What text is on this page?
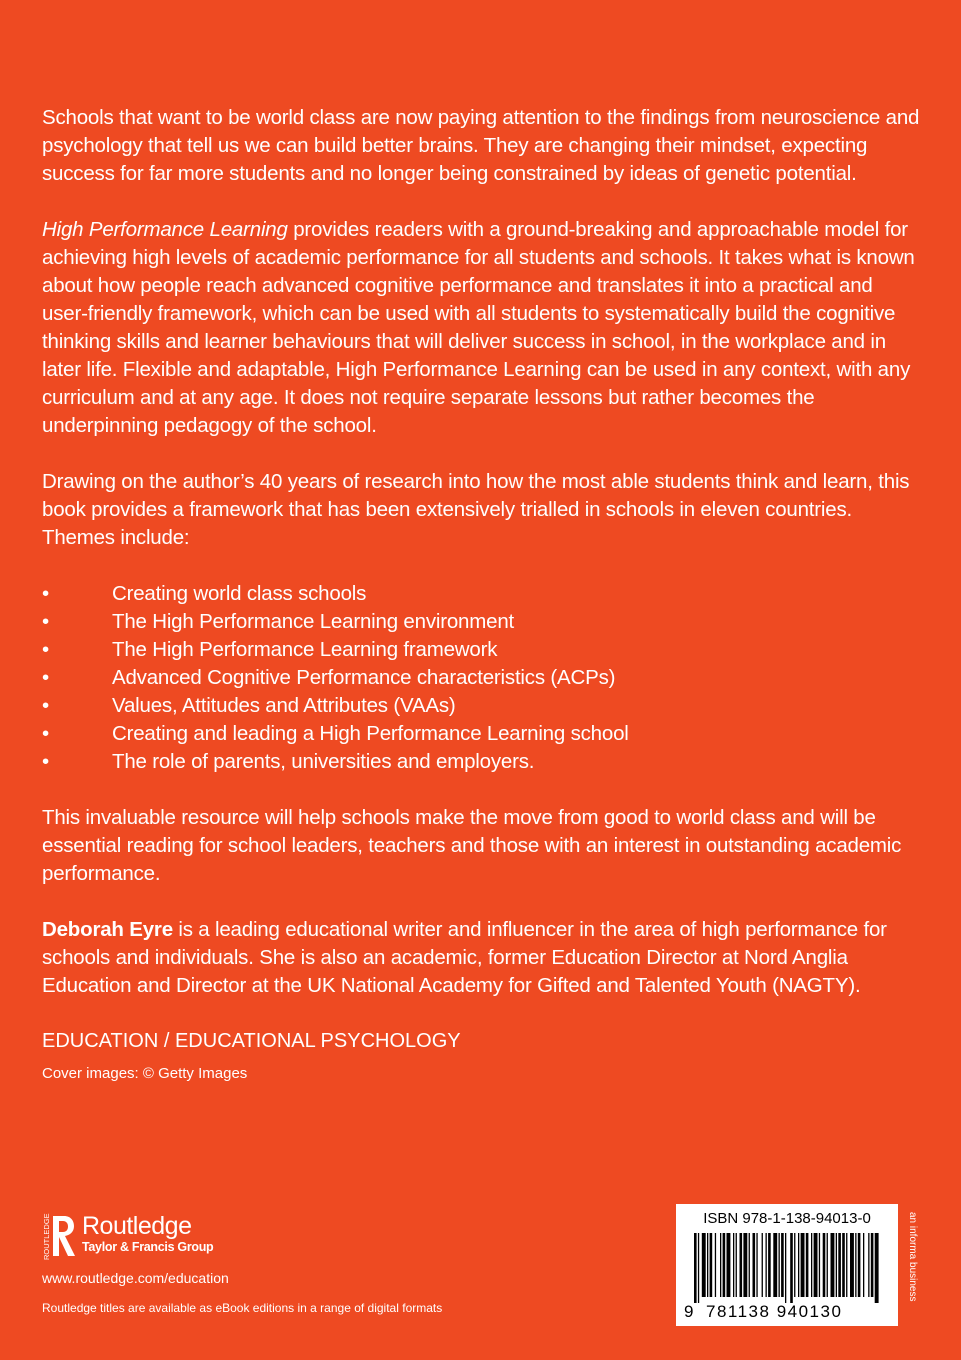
Schools that want to be world class are now paying attention to the findings from neuroscience and psychology that tell us we can build better brains. They are changing their mindset, expecting success for far more students and no longer being constrained by ideas of genetic potential.

High Performance Learning provides readers with a ground-breaking and approachable model for achieving high levels of academic performance for all students and schools. It takes what is known about how people reach advanced cognitive performance and translates it into a practical and user-friendly framework, which can be used with all students to systematically build the cognitive thinking skills and learner behaviours that will deliver success in school, in the workplace and in later life. Flexible and adaptable, High Performance Learning can be used in any context, with any curriculum and at any age. It does not require separate lessons but rather becomes the underpinning pedagogy of the school.

Drawing on the author’s 40 years of research into how the most able students think and learn, this book provides a framework that has been extensively trialled in schools in eleven countries. Themes include:

•	Creating world class schools
•	The High Performance Learning environment
•	The High Performance Learning framework
•	Advanced Cognitive Performance characteristics (ACPs)
•	Values, Attitudes and Attributes (VAAs)
•	Creating and leading a High Performance Learning school
•	The role of parents, universities and employers.

This invaluable resource will help schools make the move from good to world class and will be essential reading for school leaders, teachers and those with an interest in outstanding academic performance.

Deborah Eyre is a leading educational writer and influencer in the area of high performance for schools and individuals. She is also an academic, former Education Director at Nord Anglia Education and Director at the UK National Academy for Gifted and Talented Youth (NAGTY).

EDUCATION / EDUCATIONAL PSYCHOLOGY
Cover images: © Getty Images
ROUTLEDGE Routledge
Taylor & Francis Group
www.routledge.com/education
Routledge titles are available as eBook editions in a range of digital formats
ISBN 978-1-138-94013-0
9 781138 940130
an informa business
